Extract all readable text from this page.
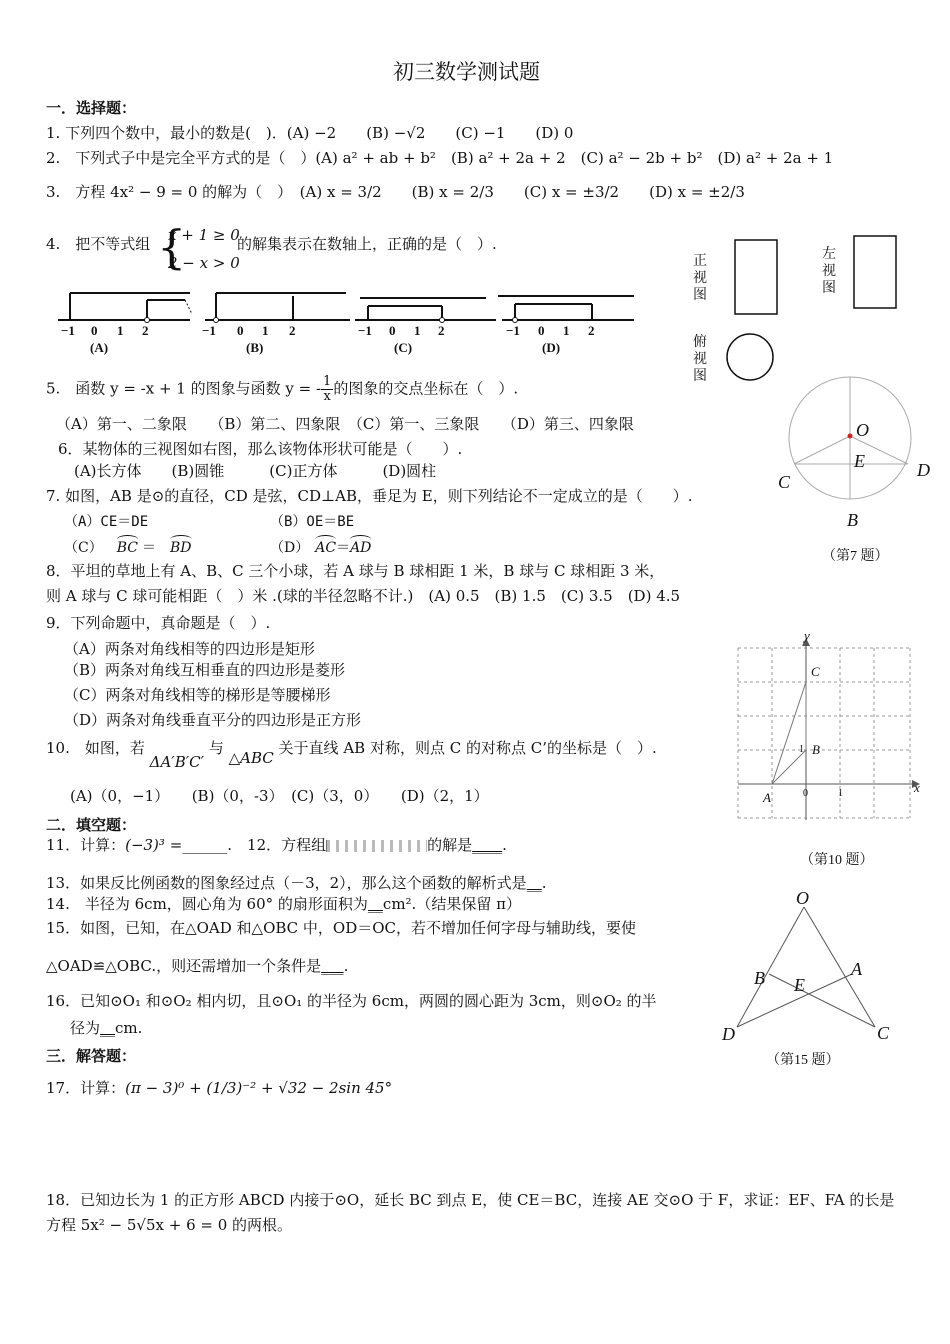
初三数学测试题
一．选择题：
1. 下列四个数中，最小的数是(　)．(A) −2　　(B) −√2　　(C) −1　　(D) 0
2.　下列式子中是完全平方式的是（　）(A) a² + ab + b²　(B) a² + 2a + 2　(C) a² − 2b + b²　(D) a² + 2a + 1
3.　方程 4x² − 9 = 0 的解为（　）　(A) x = 3/2　　(B) x = 2/3　　(C) x = ±3/2　　(D) x = ±2/3
4.　把不等式组 {
x + 1 ≥ 0
2 − x > 0
的解集表示在数轴上，正确的是（　）.
−1 0 1 2
(A)
−1 0 1 2
(B)
−1 0 1 2
(C)
−1 0 1 2
(D)
5.　函数 y = -x + 1 的图象与函数 y = - $\frac{1}{x}$ 的图象的交点坐标在（　）.
（A）第一、二象限　　（B）第二、四象限　（C）第一、三象限　　（D）第三、四象限
6．某物体的三视图如右图，那么该物体形状可能是（　　）.
(A)长方体　　(B)圆锥　　　(C)正方体　　　(D)圆柱
7. 如图，AB 是⊙的直径，CD 是弦，CD⊥AB，垂足为 E，则下列结论不一定成立的是（　　）.
（A）CE＝DE	（B）OE＝BE
（C） BC ＝ BD	（D） AC＝AD
8．平坦的草地上有 A、B、C 三个小球，若 A 球与 B 球相距 1 米，B 球与 C 球相距 3 米，
则 A 球与 C 球可能相距（　）米 .(球的半径忽略不计.)　(A) 0.5　(B) 1.5　(C) 3.5　(D) 4.5
9．下列命题中，真命题是（　）.
（A）两条对角线相等的四边形是矩形
（B）两条对角线互相垂直的四边形是菱形
（C）两条对角线相等的梯形是等腰梯形
（D）两条对角线垂直平分的四边形是正方形
10.　如图，若 ΔA′B′C′ 与 △ABC 关于直线 AB 对称，则点 C 的对称点 C’的坐标是（　）.
(A)（0，−1）　　(B)（0，-3）　(C)（3，0）　　(D)（2，1）
二．填空题：
11．计算：(−3)³ =______.　12．方程组	的解是____.
13．如果反比例函数的图象经过点（－3，2），那么这个函数的解析式是__.
14.　半径为 6cm，圆心角为 60° 的扇形面积为__cm².（结果保留 π）
15．如图，已知，在△OAD 和△OBC 中，OD＝OC，若不增加任何字母与辅助线，要使
△OAD≌△OBC.，则还需增加一个条件是___.
16．已知⊙O₁ 和⊙O₂ 相内切，且⊙O₁ 的半径为 6cm，两圆的圆心距为 3cm，则⊙O₂ 的半
径为__cm.
三．解答题：
17．计算：(π − 3)⁰ + (1/3)⁻² + √32 − 2sin 45°
18．已知边长为 1 的正方形 ABCD 内接于⊙O，延长 BC 到点 E，使 CE＝BC，连接 AE 交⊙O 于 F，求证：EF、FA 的长是
方程 5x² − 5√5x + 6 = 0 的两根。
正
视
图
左
视
图
俯
视
图
O
E
C
D
B
（第7 题）
x
y
C
B
A
1
0	1
（第10 题）
O
A
B E
D	C
（第15 题）
